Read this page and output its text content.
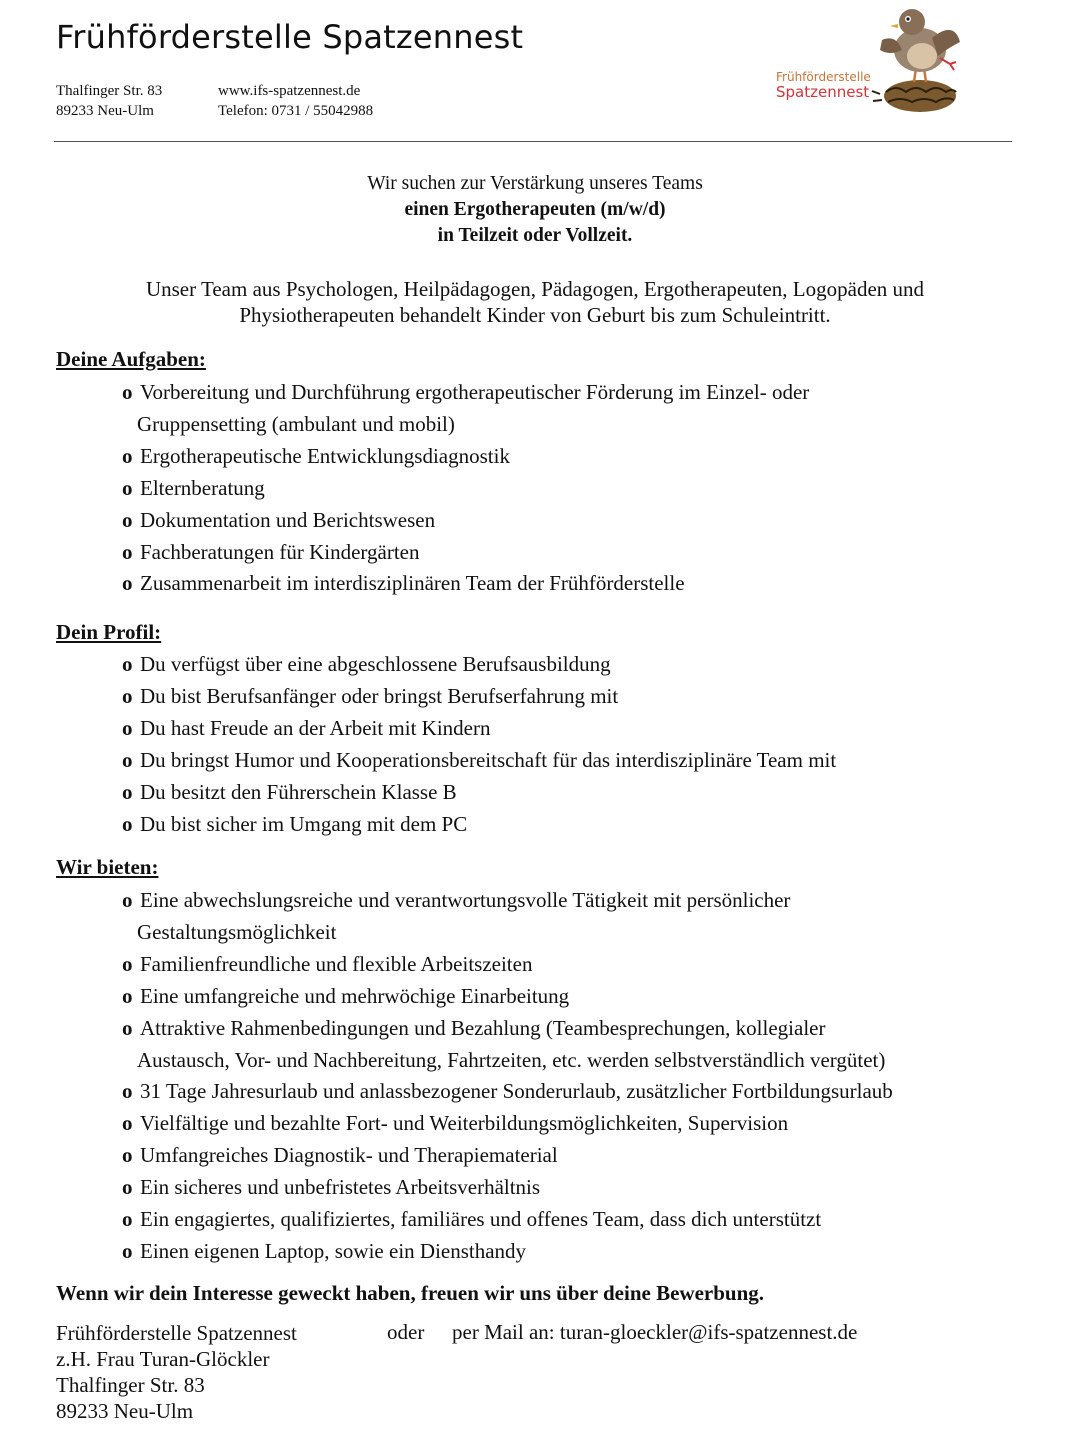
Frühförderstelle Spatzennest
Thalfinger Str. 83
89233 Neu-Ulm
www.ifs-spatzennest.de
Telefon: 0731 / 55042988
Frühförderstelle
Spatzennest
Wir suchen zur Verstärkung unseres Teams
einen Ergotherapeuten (m/w/d)
in Teilzeit oder Vollzeit.
Unser Team aus Psychologen, Heilpädagogen, Pädagogen, Ergotherapeuten, Logopäden und
Physiotherapeuten behandelt Kinder von Geburt bis zum Schuleintritt.
Deine Aufgaben:
o Vorbereitung und Durchführung ergotherapeutischer Förderung im Einzel- oder
Gruppensetting (ambulant und mobil)
o Ergotherapeutische Entwicklungsdiagnostik
o Elternberatung
o Dokumentation und Berichtswesen
o Fachberatungen für Kindergärten
o Zusammenarbeit im interdisziplinären Team der Frühförderstelle
Dein Profil:
o Du verfügst über eine abgeschlossene Berufsausbildung
o Du bist Berufsanfänger oder bringst Berufserfahrung mit
o Du hast Freude an der Arbeit mit Kindern
o Du bringst Humor und Kooperationsbereitschaft für das interdisziplinäre Team mit
o Du besitzt den Führerschein Klasse B
o Du bist sicher im Umgang mit dem PC
Wir bieten:
o Eine abwechslungsreiche und verantwortungsvolle Tätigkeit mit persönlicher
Gestaltungsmöglichkeit
o Familienfreundliche und flexible Arbeitszeiten
o Eine umfangreiche und mehrwöchige Einarbeitung
o Attraktive Rahmenbedingungen und Bezahlung (Teambesprechungen, kollegialer
Austausch, Vor- und Nachbereitung, Fahrtzeiten, etc. werden selbstverständlich vergütet)
o 31 Tage Jahresurlaub und anlassbezogener Sonderurlaub, zusätzlicher Fortbildungsurlaub
o Vielfältige und bezahlte Fort- und Weiterbildungsmöglichkeiten, Supervision
o Umfangreiches Diagnostik- und Therapiematerial
o Ein sicheres und unbefristetes Arbeitsverhältnis
o Ein engagiertes, qualifiziertes, familiäres und offenes Team, dass dich unterstützt
o Einen eigenen Laptop, sowie ein Diensthandy
Wenn wir dein Interesse geweckt haben, freuen wir uns über deine Bewerbung.
Frühförderstelle Spatzennest
z.H. Frau Turan-Glöckler
Thalfinger Str. 83
89233 Neu-Ulm
oder per Mail an: turan-gloeckler@ifs-spatzennest.de
